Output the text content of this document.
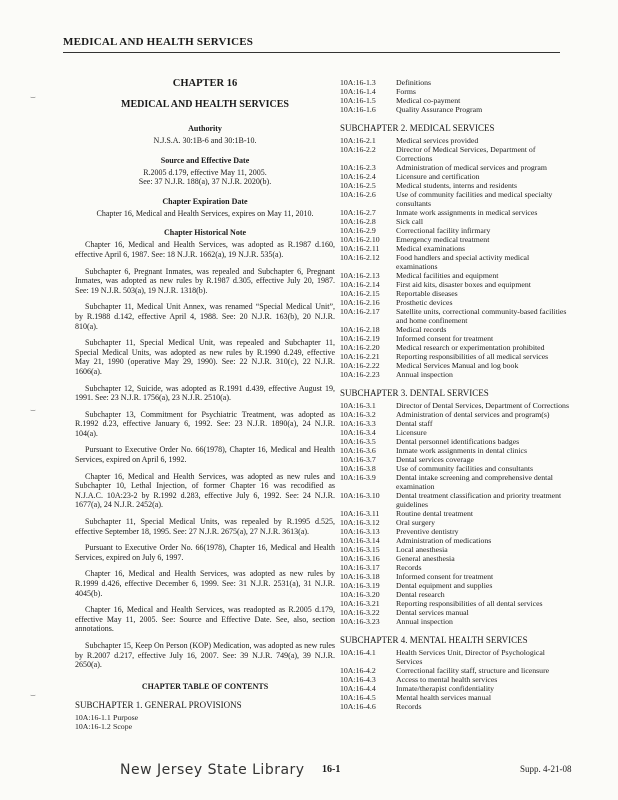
MEDICAL AND HEALTH SERVICES
⌣
⌣
⌣
CHAPTER 16
MEDICAL AND HEALTH SERVICES
Authority
N.J.S.A. 30:1B-6 and 30:1B-10.
Source and Effective Date
R.2005 d.179, effective May 11, 2005.
See: 37 N.J.R. 188(a), 37 N.J.R. 2020(b).
Chapter Expiration Date
Chapter 16, Medical and Health Services, expires on May 11, 2010.
Chapter Historical Note
Chapter 16, Medical and Health Services, was adopted as R.1987 d.160, effective April 6, 1987. See: 18 N.J.R. 1662(a), 19 N.J.R. 535(a).
Subchapter 6, Pregnant Inmates, was repealed and Subchapter 6, Pregnant Inmates, was adopted as new rules by R.1987 d.305, effective July 20, 1987. See: 19 N.J.R. 503(a), 19 N.J.R. 1318(b).
Subchapter 11, Medical Unit Annex, was renamed “Special Medical Unit”, by R.1988 d.142, effective April 4, 1988. See: 20 N.J.R. 163(b), 20 N.J.R. 810(a).
Subchapter 11, Special Medical Unit, was repealed and Subchapter 11, Special Medical Units, was adopted as new rules by R.1990 d.249, effective May 21, 1990 (operative May 29, 1990). See: 22 N.J.R. 310(c), 22 N.J.R. 1606(a).
Subchapter 12, Suicide, was adopted as R.1991 d.439, effective August 19, 1991. See: 23 N.J.R. 1756(a), 23 N.J.R. 2510(a).
Subchapter 13, Commitment for Psychiatric Treatment, was adopted as R.1992 d.23, effective January 6, 1992. See: 23 N.J.R. 1890(a), 24 N.J.R. 104(a).
Pursuant to Executive Order No. 66(1978), Chapter 16, Medical and Health Services, expired on April 6, 1992.
Chapter 16, Medical and Health Services, was adopted as new rules and Subchapter 10, Lethal Injection, of former Chapter 16 was recodified as N.J.A.C. 10A:23-2 by R.1992 d.283, effective July 6, 1992. See: 24 N.J.R. 1677(a), 24 N.J.R. 2452(a).
Subchapter 11, Special Medical Units, was repealed by R.1995 d.525, effective September 18, 1995. See: 27 N.J.R. 2675(a), 27 N.J.R. 3613(a).
Pursuant to Executive Order No. 66(1978), Chapter 16, Medical and Health Services, expired on July 6, 1997.
Chapter 16, Medical and Health Services, was adopted as new rules by R.1999 d.426, effective December 6, 1999. See: 31 N.J.R. 2531(a), 31 N.J.R. 4045(b).
Chapter 16, Medical and Health Services, was readopted as R.2005 d.179, effective May 11, 2005. See: Source and Effective Date. See, also, section annotations.
Subchapter 15, Keep On Person (KOP) Medication, was adopted as new rules by R.2007 d.217, effective July 16, 2007. See: 39 N.J.R. 749(a), 39 N.J.R. 2650(a).
CHAPTER TABLE OF CONTENTS
SUBCHAPTER 1. GENERAL PROVISIONS
10A:16-1.1 Purpose
10A:16-1.2 Scope
10A:16-1.3	Definitions
10A:16-1.4	Forms
10A:16-1.5	Medical co-payment
10A:16-1.6	Quality Assurance Program
SUBCHAPTER 2. MEDICAL SERVICES
10A:16-2.1	Medical services provided
10A:16-2.2	Director of Medical Services, Department of Corrections
10A:16-2.3	Administration of medical services and program
10A:16-2.4	Licensure and certification
10A:16-2.5	Medical students, interns and residents
10A:16-2.6	Use of community facilities and medical specialty consultants
10A:16-2.7	Inmate work assignments in medical services
10A:16-2.8	Sick call
10A:16-2.9	Correctional facility infirmary
10A:16-2.10	Emergency medical treatment
10A:16-2.11	Medical examinations
10A:16-2.12	Food handlers and special activity medical examinations
10A:16-2.13	Medical facilities and equipment
10A:16-2.14	First aid kits, disaster boxes and equipment
10A:16-2.15	Reportable diseases
10A:16-2.16	Prosthetic devices
10A:16-2.17	Satellite units, correctional community-based facilities and home confinement
10A:16-2.18	Medical records
10A:16-2.19	Informed consent for treatment
10A:16-2.20	Medical research or experimentation prohibited
10A:16-2.21	Reporting responsibilities of all medical services
10A:16-2.22	Medical Services Manual and log book
10A:16-2.23	Annual inspection
SUBCHAPTER 3. DENTAL SERVICES
10A:16-3.1	Director of Dental Services, Department of Corrections
10A:16-3.2	Administration of dental services and program(s)
10A:16-3.3	Dental staff
10A:16-3.4	Licensure
10A:16-3.5	Dental personnel identifications badges
10A:16-3.6	Inmate work assignments in dental clinics
10A:16-3.7	Dental services coverage
10A:16-3.8	Use of community facilities and consultants
10A:16-3.9	Dental intake screening and comprehensive dental examination
10A:16-3.10	Dental treatment classification and priority treatment guidelines
10A:16-3.11	Routine dental treatment
10A:16-3.12	Oral surgery
10A:16-3.13	Preventive dentistry
10A:16-3.14	Administration of medications
10A:16-3.15	Local anesthesia
10A:16-3.16	General anesthesia
10A:16-3.17	Records
10A:16-3.18	Informed consent for treatment
10A:16-3.19	Dental equipment and supplies
10A:16-3.20	Dental research
10A:16-3.21	Reporting responsibilities of all dental services
10A:16-3.22	Dental services manual
10A:16-3.23	Annual inspection
SUBCHAPTER 4. MENTAL HEALTH SERVICES
10A:16-4.1	Health Services Unit, Director of Psychological Services
10A:16-4.2	Correctional facility staff, structure and licensure
10A:16-4.3	Access to mental health services
10A:16-4.4	Inmate/therapist confidentiality
10A:16-4.5	Mental health services manual
10A:16-4.6	Records
New Jersey State Library 16-1	Supp. 4-21-08
